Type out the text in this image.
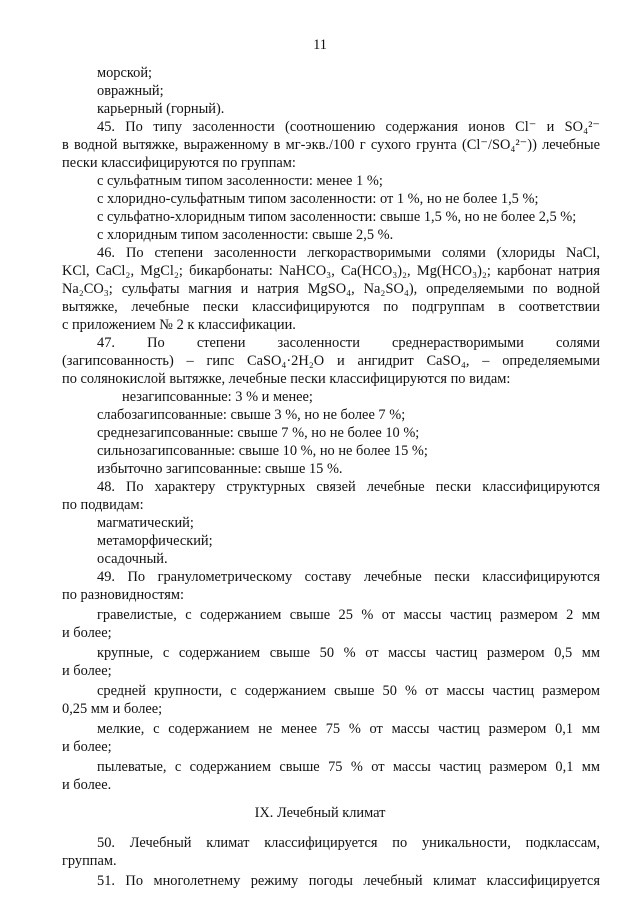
11
морской;
овражный;
карьерный (горный).
45. По типу засоленности (соотношению содержания ионов Cl⁻ и SO₄²⁻
в водной вытяжке, выраженному в мг-экв./100 г сухого грунта (Cl⁻/SO₄²⁻)) лечебные
пески классифицируются по группам:
с сульфатным типом засоленности: менее 1 %;
с хлоридно-сульфатным типом засоленности: от 1 %, но не более 1,5 %;
с сульфатно-хлоридным типом засоленности: свыше 1,5 %, но не более 2,5 %;
с хлоридным типом засоленности: свыше 2,5 %.
46. По степени засоленности легкорастворимыми солями (хлориды NaCl,
KCl, CaCl₂, MgCl₂; бикарбонаты: NaHCO₃, Ca(HCO₃)₂, Mg(HCO₃)₂; карбонат натрия
Na₂CO₃; сульфаты магния и натрия MgSO₄, Na₂SO₄), определяемыми по водной
вытяжке, лечебные пески классифицируются по подгруппам в соответствии
с приложением № 2 к классификации.
47. По степени засоленности среднерастворимыми солями
(загипсованность) – гипс CaSO₄·2H₂O и ангидрит CaSO₄, – определяемыми
по солянокислой вытяжке, лечебные пески классифицируются по видам:
незагипсованные: 3 % и менее;
слабозагипсованные: свыше 3 %, но не более 7 %;
среднезагипсованные: свыше 7 %, но не более 10 %;
сильнозагипсованные: свыше 10 %, но не более 15 %;
избыточно загипсованные: свыше 15 %.
48. По характеру структурных связей лечебные пески классифицируются
по подвидам:
магматический;
метаморфический;
осадочный.
49. По гранулометрическому составу лечебные пески классифицируются
по разновидностям:
гравелистые, с содержанием свыше 25 % от массы частиц размером 2 мм
и более;
крупные, с содержанием свыше 50 % от массы частиц размером 0,5 мм
и более;
средней крупности, с содержанием свыше 50 % от массы частиц размером
0,25 мм и более;
мелкие, с содержанием не менее 75 % от массы частиц размером 0,1 мм
и более;
пылеватые, с содержанием свыше 75 % от массы частиц размером 0,1 мм
и более.
IX. Лечебный климат
50. Лечебный климат классифицируется по уникальности, подклассам,
группам.
51. По многолетнему режиму погоды лечебный климат классифицируется
